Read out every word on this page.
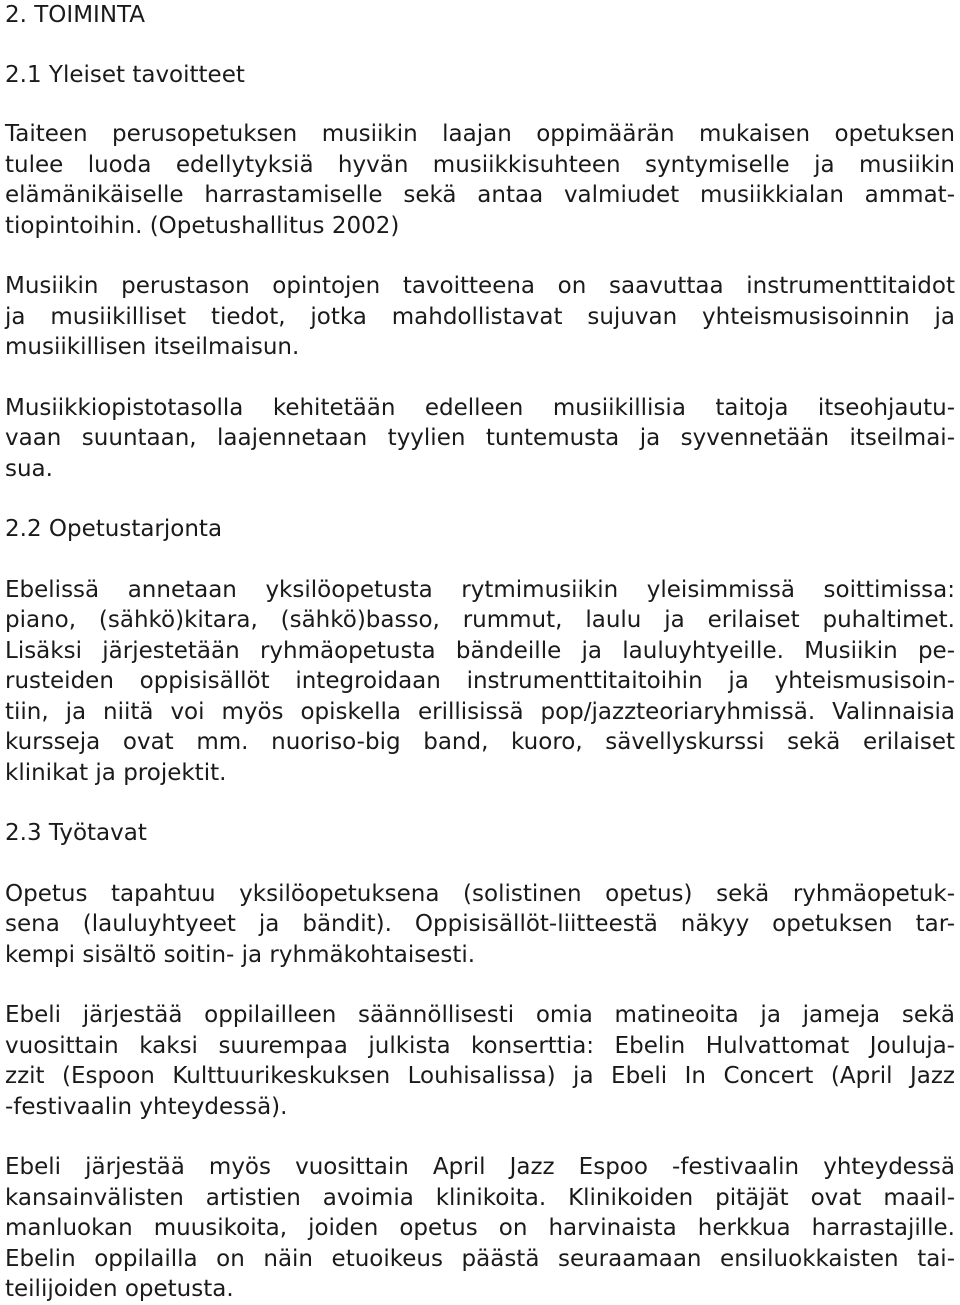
2. TOIMINTA
2.1 Yleiset tavoitteet

Taiteen perusopetuksen musiikin laajan oppimäärän mukaisen opetuksen
tulee luoda edellytyksiä hyvän musiikkisuhteen syntymiselle ja musiikin
elämänikäiselle harrastamiselle sekä antaa valmiudet musiikkialan ammat-
tiopintoihin. (Opetushallitus 2002)

Musiikin perustason opintojen tavoitteena on saavuttaa instrumenttitaidot
ja musiikilliset tiedot, jotka mahdollistavat sujuvan yhteismusisoinnin ja
musiikillisen itseilmaisun.

Musiikkiopistotasolla kehitetään edelleen musiikillisia taitoja itseohjautu-
vaan suuntaan, laajennetaan tyylien tuntemusta ja syvennetään itseilmai-
sua.

2.2 Opetustarjonta

Ebelissä annetaan yksilöopetusta rytmimusiikin yleisimmissä soittimissa:
piano, (sähkö)kitara, (sähkö)basso, rummut, laulu ja erilaiset puhaltimet.
Lisäksi järjestetään ryhmäopetusta bändeille ja lauluyhtyeille. Musiikin pe-
rusteiden oppisisällöt integroidaan instrumenttitaitoihin ja yhteismusisoin-
tiin, ja niitä voi myös opiskella erillisissä pop/jazzteoriaryhmissä. Valinnaisia
kursseja ovat mm. nuoriso-big band, kuoro, sävellyskurssi sekä erilaiset
klinikat ja projektit.

2.3 Työtavat

Opetus tapahtuu yksilöopetuksena (solistinen opetus) sekä ryhmäopetuk-
sena (lauluyhtyeet ja bändit). Oppisisällöt-liitteestä näkyy opetuksen tar-
kempi sisältö soitin- ja ryhmäkohtaisesti.

Ebeli järjestää oppilailleen säännöllisesti omia matineoita ja jameja sekä
vuosittain kaksi suurempaa julkista konserttia: Ebelin Hulvattomat Jouluja-
zzit (Espoon Kulttuurikeskuksen Louhisalissa) ja Ebeli In Concert (April Jazz
-festivaalin yhteydessä).

Ebeli järjestää myös vuosittain April Jazz Espoo -festivaalin yhteydessä
kansainvälisten artistien avoimia klinikoita. Klinikoiden pitäjät ovat maail-
manluokan muusikoita, joiden opetus on harvinaista herkkua harrastajille.
Ebelin oppilailla on näin etuoikeus päästä seuraamaan ensiluokkaisten tai-
teilijoiden opetusta.
